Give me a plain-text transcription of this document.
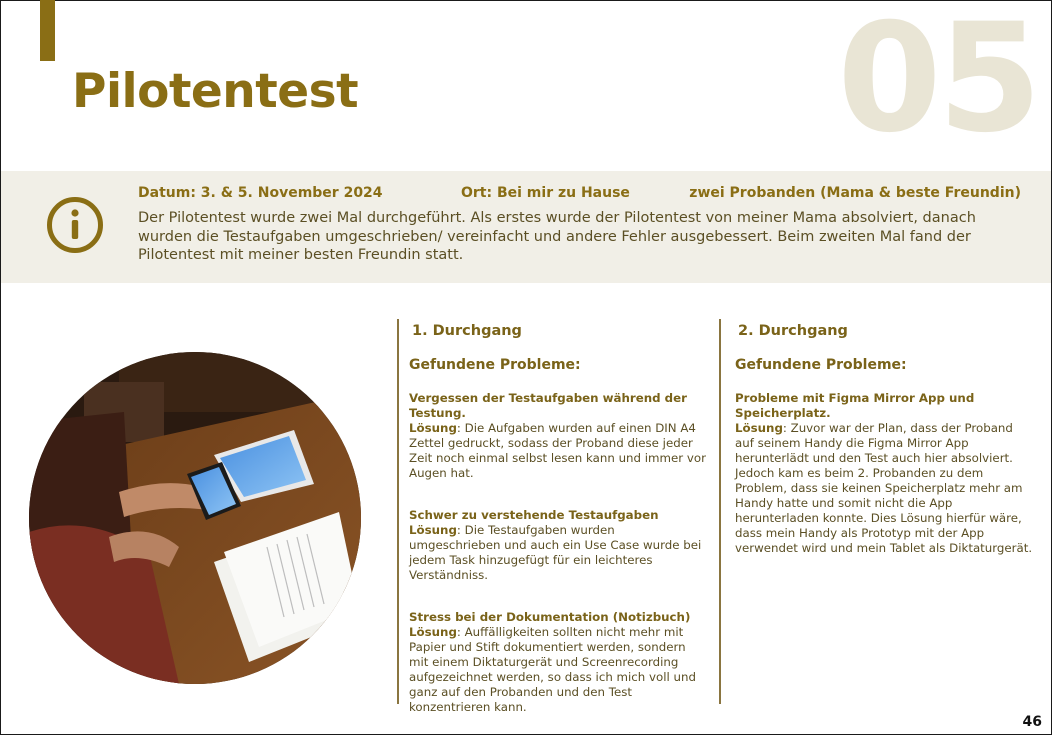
05
Pilotentest
Datum: 3. & 5. November 2024	Ort: Bei mir zu Hause	zwei Probanden (Mama & beste Freundin)

Der Pilotentest wurde zwei Mal durchgeführt. Als erstes wurde der Pilotentest von meiner Mama absolviert, danach wurden die Testaufgaben umgeschrieben/ vereinfacht und andere Fehler ausgebessert. Beim zweiten Mal fand der Pilotentest mit meiner besten Freundin statt.

1. Durchgang
Gefundene Probleme:
Vergessen der Testaufgaben während der Testung.
Lösung: Die Aufgaben wurden auf einen DIN A4 Zettel gedruckt, sodass der Proband diese jeder Zeit noch einmal selbst lesen kann und immer vor Augen hat.
Schwer zu verstehende Testaufgaben
Lösung: Die Testaufgaben wurden umgeschrieben und auch ein Use Case wurde bei jedem Task hinzugefügt für ein leichteres Verständniss.
Stress bei der Dokumentation (Notizbuch)
Lösung: Auffälligkeiten sollten nicht mehr mit Papier und Stift dokumentiert werden, sondern mit einem Diktaturgerät und Screenrecording aufgezeichnet werden, so dass ich mich voll und ganz auf den Probanden und den Test konzentrieren kann.
2. Durchgang
Gefundene Probleme:
Probleme mit Figma Mirror App und Speicherplatz.
Lösung: Zuvor war der Plan, dass der Proband auf seinem Handy die Figma Mirror App herunterlädt und den Test auch hier absolviert. Jedoch kam es beim 2. Probanden zu dem Problem, dass sie keinen Speicherplatz mehr am Handy hatte und somit nicht die App herunterladen konnte. Dies Lösung hierfür wäre, dass mein Handy als Prototyp mit der App verwendet wird und mein Tablet als Diktaturgerät.
46
